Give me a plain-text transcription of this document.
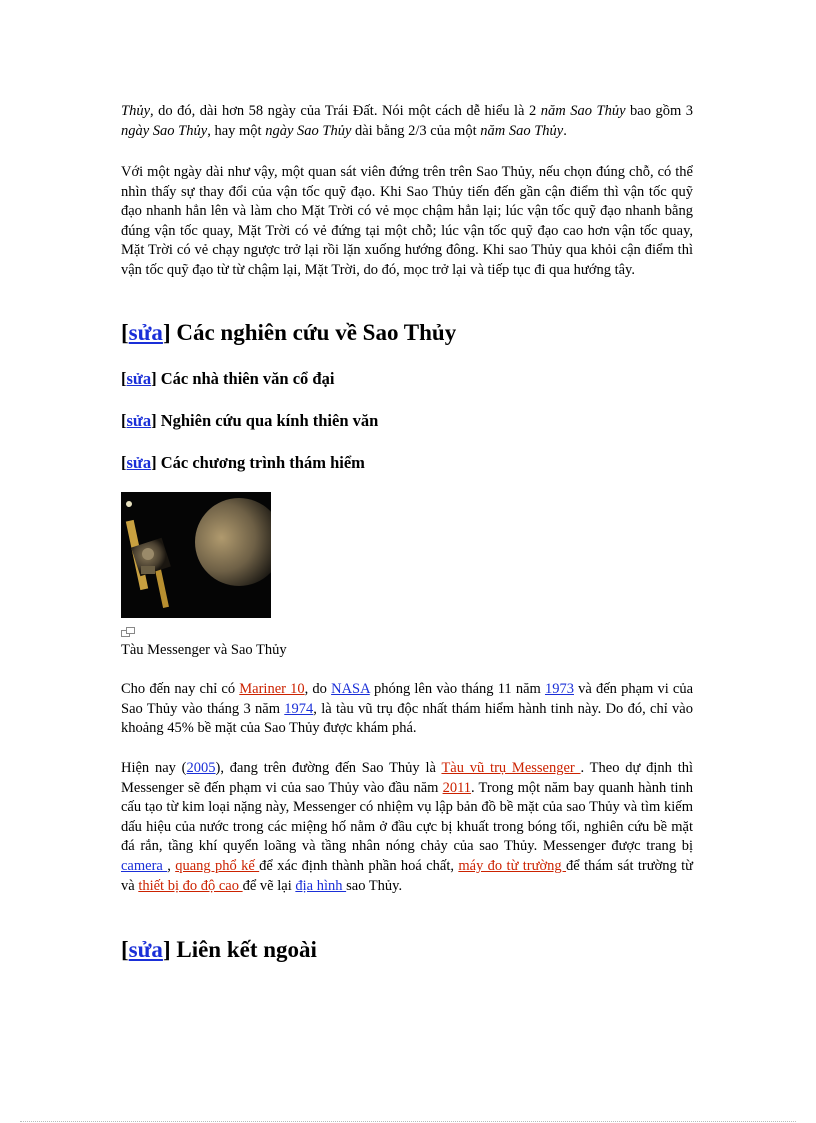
Thủy, do đó, dài hơn 58 ngày của Trái Đất. Nói một cách dễ hiểu là 2 năm Sao Thủy bao gồm 3 ngày Sao Thủy, hay một ngày Sao Thủy dài bằng 2/3 của một năm Sao Thủy.

Với một ngày dài như vậy, một quan sát viên đứng trên trên Sao Thủy, nếu chọn đúng chỗ, có thể nhìn thấy sự thay đổi của vận tốc quỹ đạo. Khi Sao Thủy tiến đến gần cận điểm thì vận tốc quỹ đạo nhanh hẳn lên và làm cho Mặt Trời có vẻ mọc chậm hẳn lại; lúc vận tốc quỹ đạo nhanh bằng đúng vận tốc quay, Mặt Trời có vẻ đứng tại một chỗ; lúc vận tốc quỹ đạo cao hơn vận tốc quay, Mặt Trời có vẻ chạy ngược trở lại rồi lặn xuống hướng đông. Khi sao Thủy qua khỏi cận điểm thì vận tốc quỹ đạo từ từ chậm lại, Mặt Trời, do đó, mọc trở lại và tiếp tục đi qua hướng tây.

[sửa] Các nghiên cứu về Sao Thủy
[sửa] Các nhà thiên văn cổ đại
[sửa] Nghiên cứu qua kính thiên văn
[sửa] Các chương trình thám hiểm
Tàu Messenger và Sao Thủy

Cho đến nay chỉ có Mariner 10, do NASA phóng lên vào tháng 11 năm 1973 và đến phạm vi của Sao Thủy vào tháng 3 năm 1974, là tàu vũ trụ độc nhất thám hiểm hành tinh này. Do đó, chỉ vào khoảng 45% bề mặt của Sao Thủy được khám phá.

Hiện nay (2005), đang trên đường đến Sao Thủy là Tàu vũ trụ Messenger . Theo dự định thì Messenger sẽ đến phạm vi của sao Thủy vào đầu năm 2011. Trong một năm bay quanh hành tinh cấu tạo từ kim loại nặng này, Messenger có nhiệm vụ lập bản đồ bề mặt của sao Thủy và tìm kiếm dấu hiệu của nước trong các miệng hố nằm ở đầu cực bị khuất trong bóng tối, nghiên cứu bề mặt đá rắn, tầng khí quyển loãng và tầng nhân nóng chảy của sao Thủy. Messenger được trang bị camera , quang phổ kế để xác định thành phần hoá chất, máy đo từ trường để thám sát trường từ và thiết bị đo độ cao để vẽ lại địa hình sao Thủy.

[sửa] Liên kết ngoài
